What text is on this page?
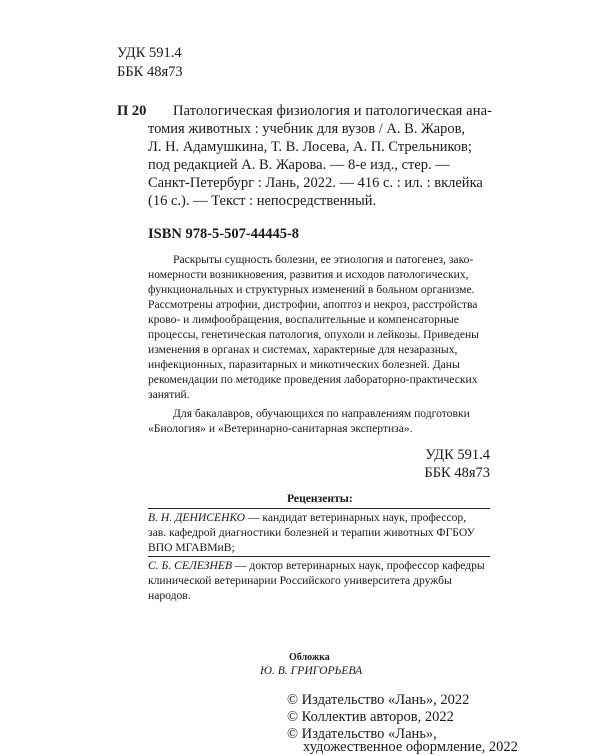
УДК 591.4
ББК 48я73
П 20 Патологическая физиология и патологическая ана-
томия животных : учебник для вузов / А. В. Жаров,
Л. Н. Адамушкина, Т. В. Лосева, А. П. Стрельников;
под редакцией А. В. Жарова. — 8-е изд., стер. —
Санкт-Петербург : Лань, 2022. — 416 с. : ил. : вклейка
(16 с.). — Текст : непосредственный.
ISBN 978-5-507-44445-8
Раскрыты сущность болезни, ее этиология и патогенез, зако-
номерности возникновения, развития и исходов патологических,
функциональных и структурных изменений в больном организме.
Рассмотрены атрофии, дистрофии, апоптоз и некроз, расстройства
крово- и лимфообращения, воспалительные и компенсаторные
процессы, генетическая патология, опухоли и лейкозы. Приведены
изменения в органах и системах, характерные для незаразных,
инфекционных, паразитарных и микотических болезней. Даны
рекомендации по методике проведения лабораторно-практических
занятий.
Для бакалавров, обучающихся по направлениям подготовки
«Биология» и «Ветеринарно-санитарная экспертиза».
УДК 591.4
ББК 48я73
Рецензенты:
В. Н. ДЕНИСЕНКО — кандидат ветеринарных наук, профессор,
зав. кафедрой диагностики болезней и терапии животных ФГБОУ
ВПО МГАВМиВ;
С. Б. СЕЛЕЗНЕВ — доктор ветеринарных наук, профессор кафедры
клинической ветеринарии Российского университета дружбы
народов.
Обложка
Ю. В. ГРИГОРЬЕВА
© Издательство «Лань», 2022
© Коллектив авторов, 2022
© Издательство «Лань»,
художественное оформление, 2022
